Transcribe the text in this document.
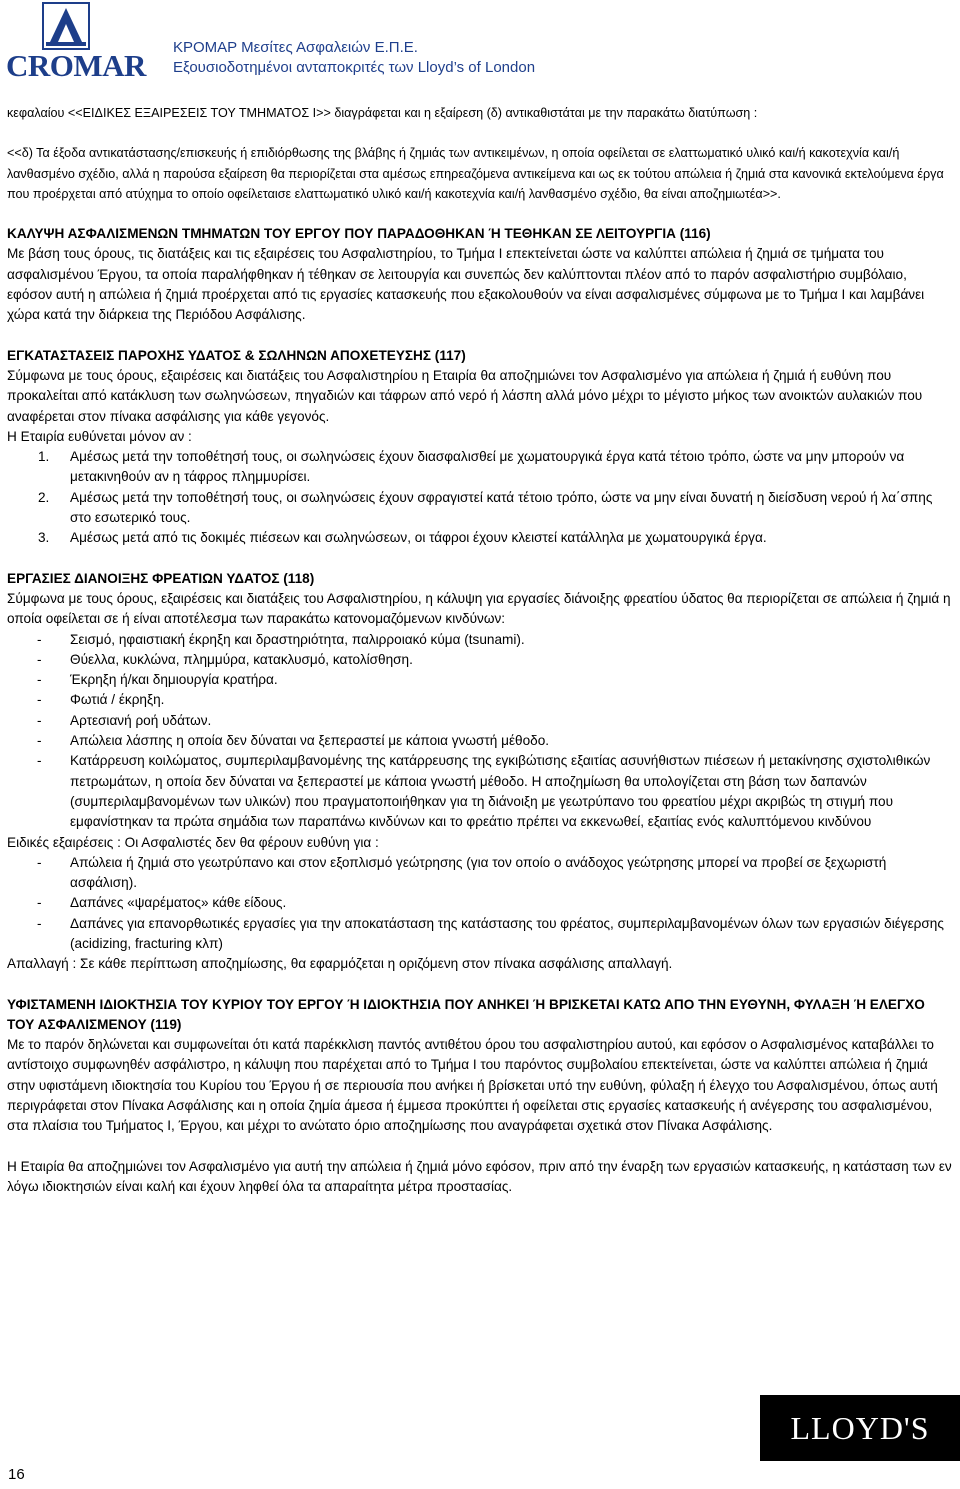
CROMAR
ΚΡΟΜΑΡ Μεσίτες Ασφαλειών Ε.Π.Ε.
Εξουσιοδοτημένοι ανταποκριτές των Lloyd’s of London

κεφαλαίου <<ΕΙΔΙΚΕΣ ΕΞΑΙΡΕΣΕΙΣ ΤΟΥ ΤΜΗΜΑΤΟΣ Ι>> διαγράφεται και η εξαίρεση (δ) αντικαθιστάται με την παρακάτω διατύπωση :

<<δ) Τα έξοδα αντικατάστασης/επισκευής ή επιδιόρθωσης της βλάβης ή ζημιάς των αντικειμένων, η οποία οφείλεται σε ελαττωματικό υλικό και/ή κακοτεχνία και/ή λανθασμένο σχέδιο, αλλά η παρούσα εξαίρεση θα περιορίζεται στα αμέσως επηρεαζόμενα αντικείμενα και ως εκ τούτου απώλεια ή ζημιά στα κανονικά εκτελούμενα έργα που προέρχεται από ατύχημα το οποίο οφείλεταισε ελαττωματικό υλικό και/ή κακοτεχνία και/ή λανθασμένο σχέδιο, θα είναι αποζημιωτέα>>.

ΚΑΛΥΨΗ ΑΣΦΑΛΙΣΜΕΝΩΝ ΤΜΗΜΑΤΩΝ ΤΟΥ ΕΡΓΟΥ ΠΟΥ ΠΑΡΑΔΟΘΗΚΑΝ Ή ΤΕΘΗΚΑΝ ΣΕ ΛΕΙΤΟΥΡΓΙΑ (116)

Με βάση τους όρους, τις διατάξεις και τις εξαιρέσεις του Ασφαλιστηρίου, το Τμήμα Ι επεκτείνεται ώστε να καλύπτει απώλεια ή ζημιά σε τμήματα του ασφαλισμένου Έργου, τα οποία παραλήφθηκαν ή τέθηκαν σε λειτουργία και συνεπώς δεν καλύπτονται πλέον από το παρόν ασφαλιστήριο συμβόλαιο, εφόσον αυτή η απώλεια ή ζημιά προέρχεται από τις εργασίες κατασκευής που εξακολουθούν να είναι ασφαλισμένες σύμφωνα με το Τμήμα Ι και λαμβάνει χώρα κατά την διάρκεια της Περιόδου Ασφάλισης.

ΕΓΚΑΤΑΣΤΑΣΕΙΣ ΠΑΡΟΧΗΣ ΥΔΑΤΟΣ & ΣΩΛΗΝΩΝ ΑΠΟΧΕΤΕΥΣΗΣ (117)

Σύμφωνα με τους όρους, εξαιρέσεις και διατάξεις του Ασφαλιστηρίου η Εταιρία θα αποζημιώνει τον Ασφαλισμένο για απώλεια ή ζημιά ή ευθύνη που προκαλείται από κατάκλυση των σωληνώσεων, πηγαδιών και τάφρων από νερό ή λάσπη αλλά μόνο μέχρι το μέγιστο μήκος των ανοικτών αυλακιών που αναφέρεται στον πίνακα ασφάλισης για κάθε γεγονός.

Η Εταιρία ευθύνεται μόνον αν :

1. Αμέσως μετά την τοποθέτησή τους, οι σωληνώσεις έχουν διασφαλισθεί με χωματουργικά έργα κατά τέτοιο τρόπο, ώστε να μην μπορούν να μετακινηθούν αν η τάφρος πλημμυρίσει.
2. Αμέσως μετά την τοποθέτησή τους, οι σωληνώσεις έχουν σφραγιστεί κατά τέτοιο τρόπο, ώστε να μην είναι δυνατή η διείσδυση νερού ή λα΄σπης στο εσωτερικό τους.
3. Αμέσως μετά από τις δοκιμές πιέσεων και σωληνώσεων, οι τάφροι έχουν κλειστεί κατάλληλα με χωματουργικά έργα.
ΕΡΓΑΣΙΕΣ ΔΙΑΝΟΙΞΗΣ ΦΡΕΑΤΙΩΝ ΥΔΑΤΟΣ (118)

Σύμφωνα με τους όρους, εξαιρέσεις και διατάξεις του Ασφαλιστηρίου, η κάλυψη για εργασίες διάνοιξης φρεατίου ύδατος θα περιορίζεται σε απώλεια ή ζημιά η οποία οφείλεται σε ή είναι αποτέλεσμα των παρακάτω κατονομαζόμενων κινδύνων:

- Σεισμό, ηφαιστιακή έκρηξη και δραστηριότητα, παλιρροιακό κύμα (tsunami).
- Θύελλα, κυκλώνα, πλημμύρα, κατακλυσμό, κατολίσθηση.
- Έκρηξη ή/και δημιουργία κρατήρα.
- Φωτιά / έκρηξη.
- Αρτεσιανή ροή υδάτων.
- Απώλεια λάσπης η οποία δεν δύναται να ξεπεραστεί με κάποια γνωστή μέθοδο.
- Κατάρρευση κοιλώματος, συμπεριλαμβανομένης της κατάρρευσης της εγκιβώτισης εξαιτίας ασυνήθιστων πιέσεων ή μετακίνησης σχιστολιθικών πετρωμάτων, η οποία δεν δύναται να ξεπεραστεί με κάποια γνωστή μέθοδο. Η αποζημίωση θα υπολογίζεται στη βάση των δαπανών (συμπεριλαμβανομένων των υλικών) που πραγματοποιήθηκαν για τη διάνοιξη με γεωτρύπανο του φρεατίου μέχρι ακριβώς τη στιγμή που εμφανίστηκαν τα πρώτα σημάδια των παραπάνω κινδύνων και το φρεάτιο πρέπει να εκκενωθεί, εξαιτίας ενός καλυπτόμενου κινδύνου

Ειδικές εξαιρέσεις : Οι Ασφαλιστές δεν θα φέρουν ευθύνη για :

- Απώλεια ή ζημιά στο γεωτρύπανο και στον εξοπλισμό γεώτρησης (για τον οποίο ο ανάδοχος γεώτρησης μπορεί να προβεί σε ξεχωριστή ασφάλιση).
- Δαπάνες «ψαρέματος» κάθε είδους.
- Δαπάνες για επανορθωτικές εργασίες για την αποκατάσταση της κατάστασης του φρέατος, συμπεριλαμβανομένων όλων των εργασιών διέγερσης (acidizing, fracturing κλπ)

Απαλλαγή : Σε κάθε περίπτωση αποζημίωσης, θα εφαρμόζεται η οριζόμενη στον πίνακα ασφάλισης απαλλαγή.

ΥΦΙΣΤΑΜΕΝΗ ΙΔΙΟΚΤΗΣΙΑ ΤΟΥ ΚΥΡΙΟΥ ΤΟΥ ΕΡΓΟΥ Ή ΙΔΙΟΚΤΗΣΙΑ ΠΟΥ ΑΝΗΚΕΙ Ή ΒΡΙΣΚΕΤΑΙ ΚΑΤΩ ΑΠΟ ΤΗΝ ΕΥΘΥΝΗ, ΦΥΛΑΞΗ Ή ΕΛΕΓΧΟ ΤΟΥ ΑΣΦΑΛΙΣΜΕΝΟΥ (119)

Με το παρόν δηλώνεται και συμφωνείται ότι κατά παρέκκλιση παντός αντιθέτου όρου του ασφαλιστηρίου αυτού, και εφόσον ο Ασφαλισμένος καταβάλλει το αντίστοιχο συμφωνηθέν ασφάλιστρο, η κάλυψη που παρέχεται από το Τμήμα Ι του παρόντος συμβολαίου επεκτείνεται, ώστε να καλύπτει απώλεια ή ζημιά στην υφιστάμενη ιδιοκτησία του Κυρίου του Έργου ή σε περιουσία που ανήκει ή βρίσκεται υπό την ευθύνη, φύλαξη ή έλεγχο του Ασφαλισμένου, όπως αυτή περιγράφεται στον Πίνακα Ασφάλισης και η οποία ζημία άμεσα ή έμμεσα προκύπτει ή οφείλεται στις εργασίες κατασκευής ή ανέγερσης του ασφαλισμένου, στα πλαίσια του Τμήματος Ι, Έργου, και μέχρι το ανώτατο όριο αποζημίωσης που αναγράφεται σχετικά στον Πίνακα Ασφάλισης.

Η Εταιρία θα αποζημιώνει τον Ασφαλισμένο για αυτή την απώλεια ή ζημιά μόνο εφόσον, πριν από την έναρξη των εργασιών κατασκευής, η κατάσταση των εν λόγω ιδιοκτησιών είναι καλή και έχουν ληφθεί όλα τα απαραίτητα μέτρα προστασίας.

LLOYD'S
16
